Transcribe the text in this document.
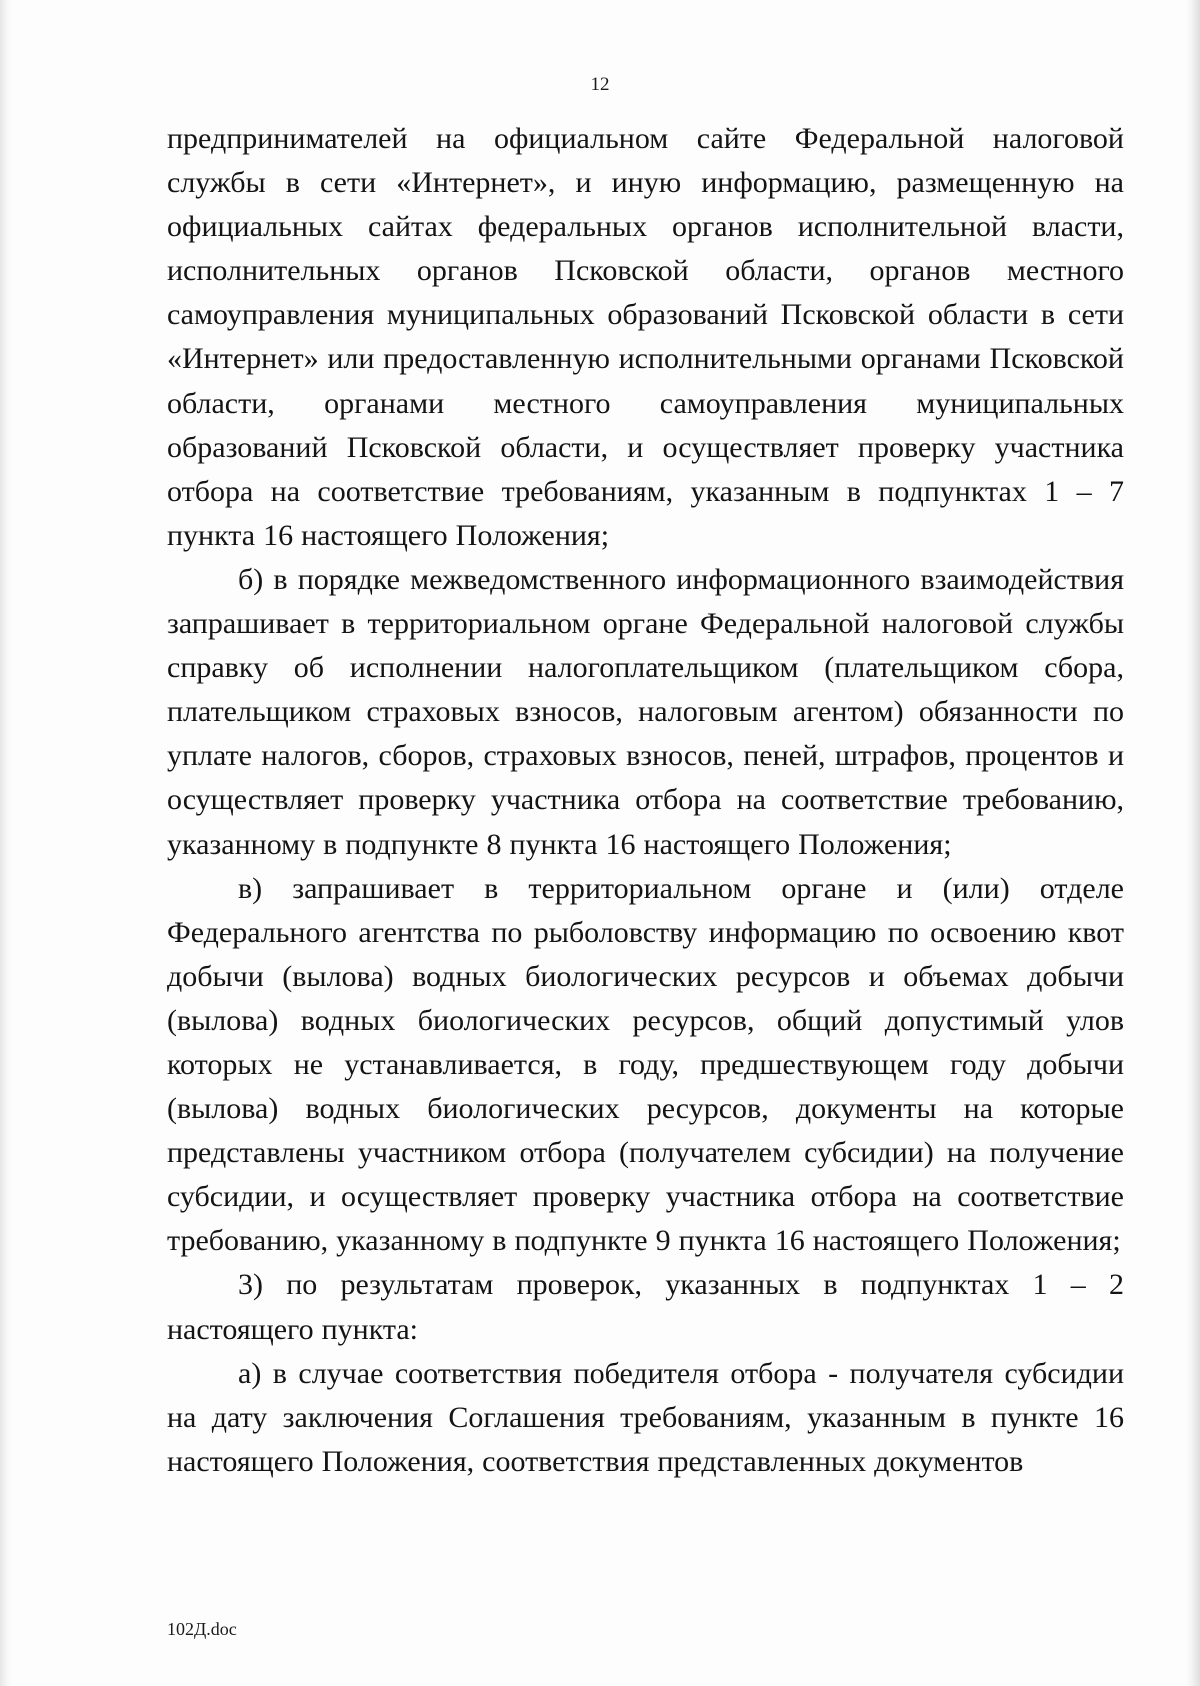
12

предпринимателей на официальном сайте Федеральной налоговой службы в сети «Интернет», и иную информацию, размещенную на официальных сайтах федеральных органов исполнительной власти, исполнительных органов Псковской области, органов местного самоуправления муниципальных образований Псковской области в сети «Интернет» или предоставленную исполнительными органами Псковской области, органами местного самоуправления муниципальных образований Псковской области, и осуществляет проверку участника отбора на соответствие требованиям, указанным в подпунктах 1 – 7 пункта 16 настоящего Положения;

б) в порядке межведомственного информационного взаимодействия запрашивает в территориальном органе Федеральной налоговой службы справку об исполнении налогоплательщиком (плательщиком сбора, плательщиком страховых взносов, налоговым агентом) обязанности по уплате налогов, сборов, страховых взносов, пеней, штрафов, процентов и осуществляет проверку участника отбора на соответствие требованию, указанному в подпункте 8 пункта 16 настоящего Положения;

в) запрашивает в территориальном органе и (или) отделе Федерального агентства по рыболовству информацию по освоению квот добычи (вылова) водных биологических ресурсов и объемах добычи (вылова) водных биологических ресурсов, общий допустимый улов которых не устанавливается, в году, предшествующем году добычи (вылова) водных биологических ресурсов, документы на которые представлены участником отбора (получателем субсидии) на получение субсидии, и осуществляет проверку участника отбора на соответствие требованию, указанному в подпункте 9 пункта 16 настоящего Положения;

3) по результатам проверок, указанных в подпунктах 1 – 2 настоящего пункта:

а) в случае соответствия победителя отбора - получателя субсидии на дату заключения Соглашения требованиям, указанным в пункте 16 настоящего Положения, соответствия представленных документов

102Д.doc
